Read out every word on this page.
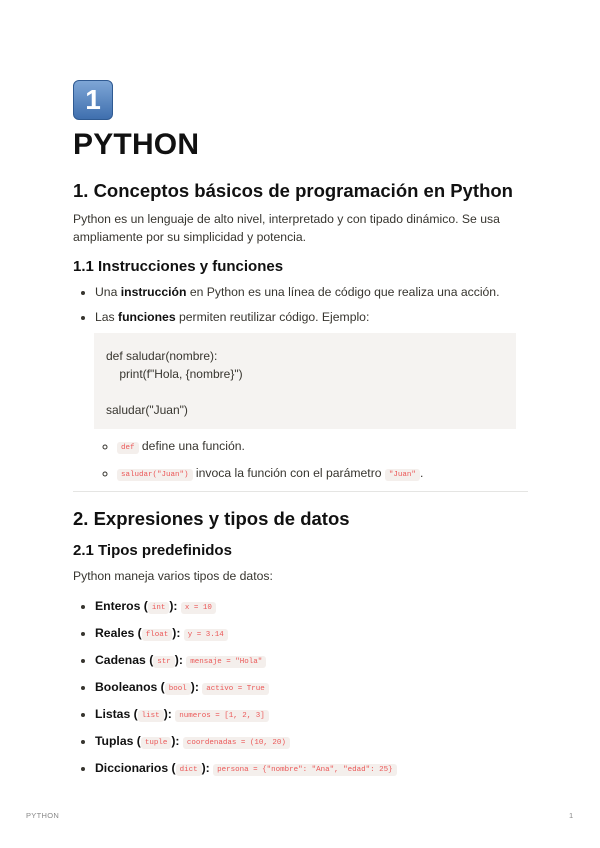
1
PYTHON
1. Conceptos básicos de programación en Python

Python es un lenguaje de alto nivel, interpretado y con tipado dinámico. Se usa ampliamente por su simplicidad y potencia.

1.1 Instrucciones y funciones
• Una instrucción en Python es una línea de código que realiza una acción.
• Las funciones permiten reutilizar código. Ejemplo:
def saludar(nombre):
print(f"Hola, {nombre}")

saludar("Juan")
◦ def define una función.
◦ saludar("Juan") invoca la función con el parámetro "Juan" .
2. Expresiones y tipos de datos
2.1 Tipos predefinidos

Python maneja varios tipos de datos:

• Enteros ( int ): x = 10
• Reales ( float ): y = 3.14
• Cadenas ( str ): mensaje = "Hola"
• Booleanos ( bool ): activo = True
• Listas ( list ): numeros = [1, 2, 3]
• Tuplas ( tuple ): coordenadas = (10, 20)
• Diccionarios ( dict ): persona = {"nombre": "Ana", "edad": 25}
PYTHON	1
